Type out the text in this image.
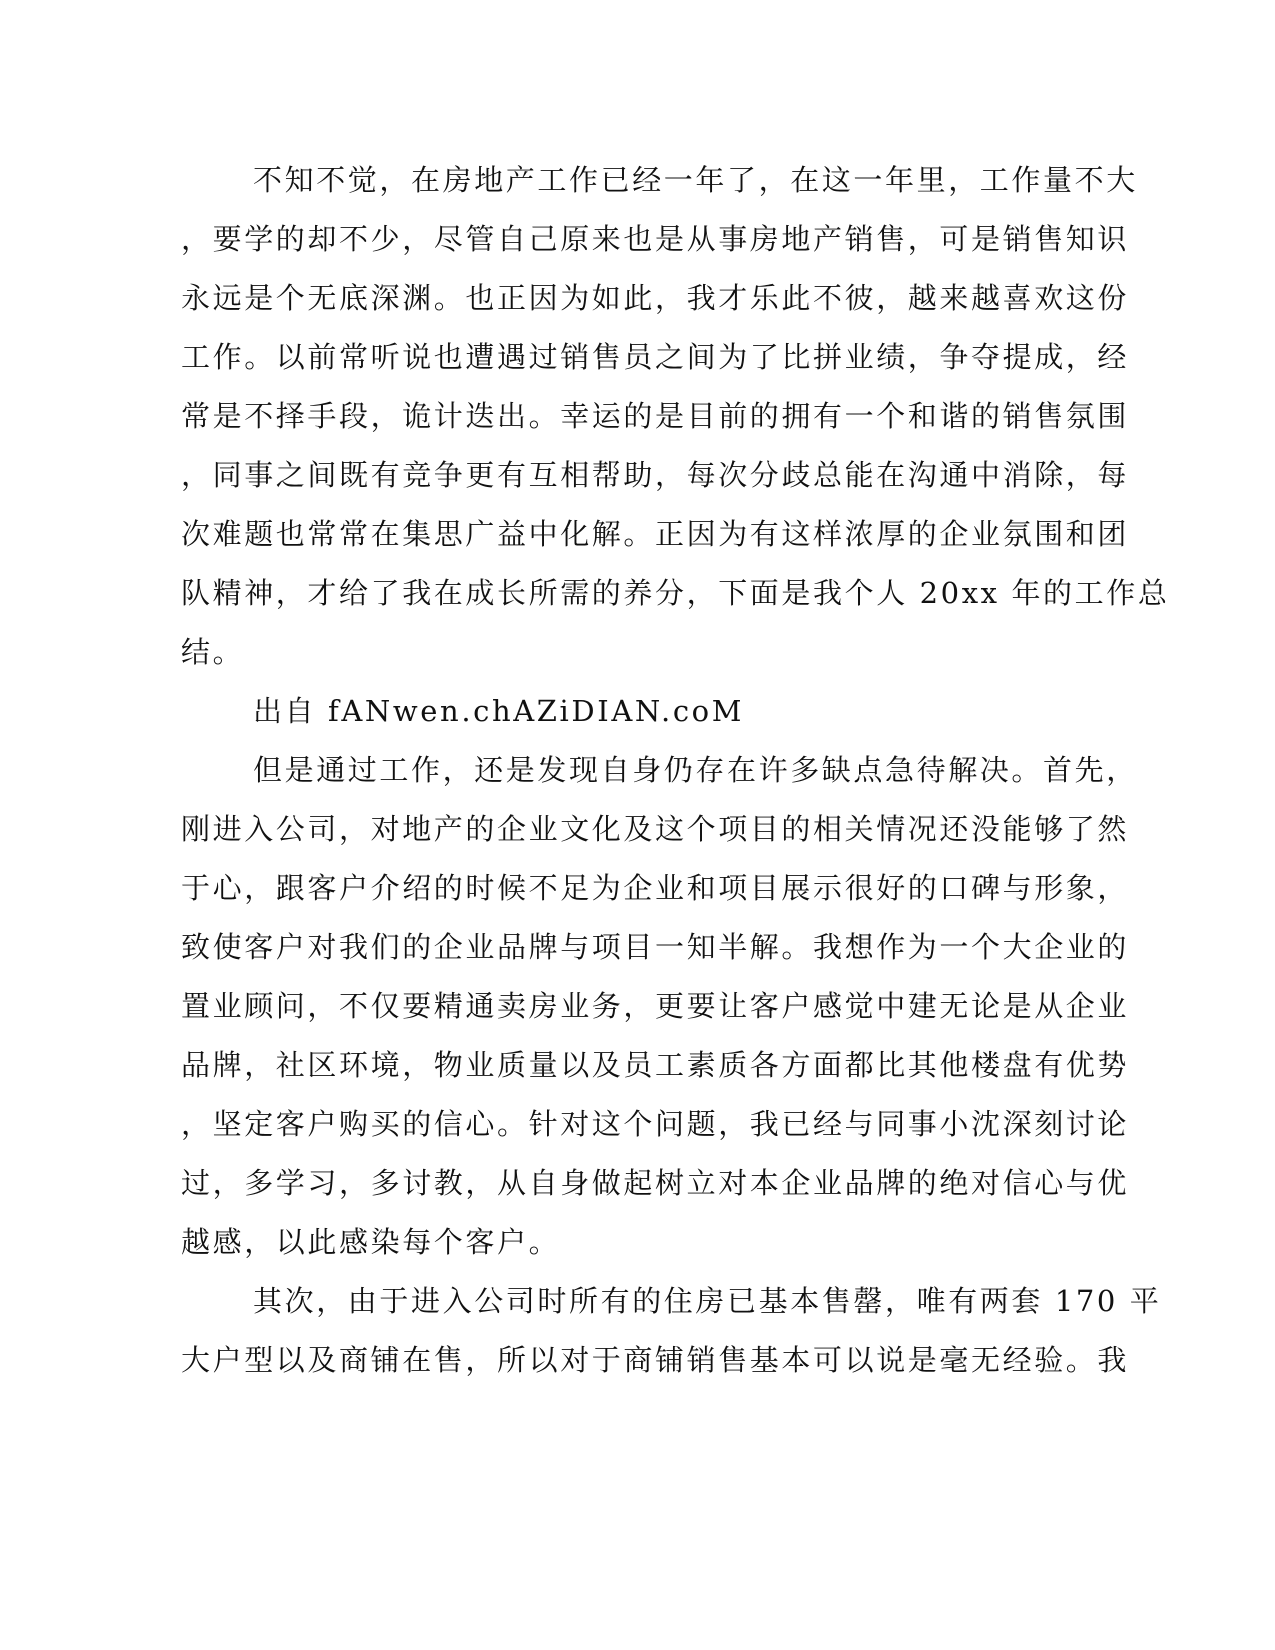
不知不觉，在房地产工作已经一年了，在这一年里，工作量不大
，要学的却不少，尽管自己原来也是从事房地产销售，可是销售知识
永远是个无底深渊。也正因为如此，我才乐此不彼，越来越喜欢这份
工作。以前常听说也遭遇过销售员之间为了比拼业绩，争夺提成，经
常是不择手段，诡计迭出。幸运的是目前的拥有一个和谐的销售氛围
，同事之间既有竞争更有互相帮助，每次分歧总能在沟通中消除，每
次难题也常常在集思广益中化解。正因为有这样浓厚的企业氛围和团
队精神，才给了我在成长所需的养分，下面是我个人 20xx 年的工作总
结。
出自 fANwen.chAZiDIAN.coM
但是通过工作，还是发现自身仍存在许多缺点急待解决。首先，
刚进入公司，对地产的企业文化及这个项目的相关情况还没能够了然
于心，跟客户介绍的时候不足为企业和项目展示很好的口碑与形象，
致使客户对我们的企业品牌与项目一知半解。我想作为一个大企业的
置业顾问，不仅要精通卖房业务，更要让客户感觉中建无论是从企业
品牌，社区环境，物业质量以及员工素质各方面都比其他楼盘有优势
，坚定客户购买的信心。针对这个问题，我已经与同事小沈深刻讨论
过，多学习，多讨教，从自身做起树立对本企业品牌的绝对信心与优
越感，以此感染每个客户。
其次，由于进入公司时所有的住房已基本售罄，唯有两套 170 平
大户型以及商铺在售，所以对于商铺销售基本可以说是毫无经验。我
